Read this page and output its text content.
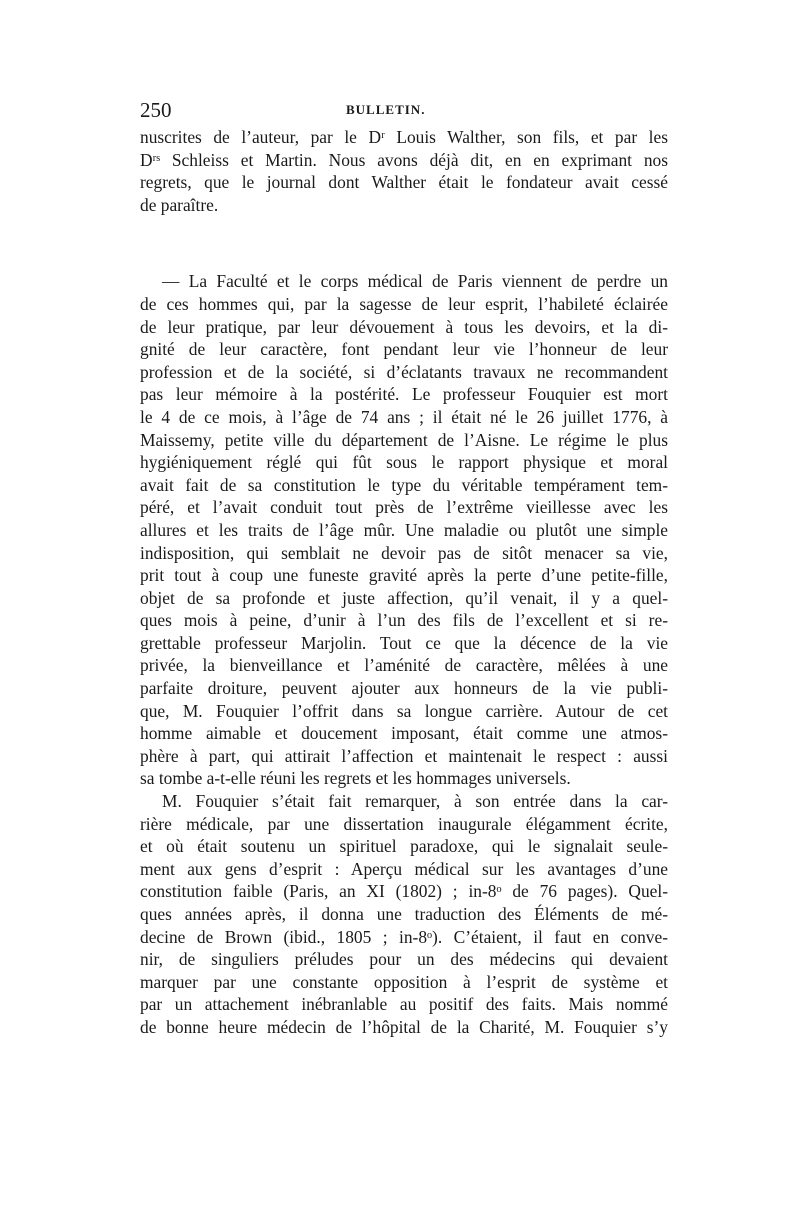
250	BULLETIN.
nuscrites de l’auteur, par le Dʳ Louis Walther, son fils, et par les
Dʳˢ Schleiss et Martin. Nous avons déjà dit, en en exprimant nos
regrets, que le journal dont Walther était le fondateur avait cessé
de paraître.
— La Faculté et le corps médical de Paris viennent de perdre un
de ces hommes qui, par la sagesse de leur esprit, l’habileté éclairée
de leur pratique, par leur dévouement à tous les devoirs, et la di-
gnité de leur caractère, font pendant leur vie l’honneur de leur
profession et de la société, si d’éclatants travaux ne recommandent
pas leur mémoire à la postérité. Le professeur Fouquier est mort
le 4 de ce mois, à l’âge de 74 ans ; il était né le 26 juillet 1776, à
Maissemy, petite ville du département de l’Aisne. Le régime le plus
hygiéniquement réglé qui fût sous le rapport physique et moral
avait fait de sa constitution le type du véritable tempérament tem-
péré, et l’avait conduit tout près de l’extrême vieillesse avec les
allures et les traits de l’âge mûr. Une maladie ou plutôt une simple
indisposition, qui semblait ne devoir pas de sitôt menacer sa vie,
prit tout à coup une funeste gravité après la perte d’une petite-fille,
objet de sa profonde et juste affection, qu’il venait, il y a quel-
ques mois à peine, d’unir à l’un des fils de l’excellent et si re-
grettable professeur Marjolin. Tout ce que la décence de la vie
privée, la bienveillance et l’aménité de caractère, mêlées à une
parfaite droiture, peuvent ajouter aux honneurs de la vie publi-
que, M. Fouquier l’offrit dans sa longue carrière. Autour de cet
homme aimable et doucement imposant, était comme une atmos-
phère à part, qui attirait l’affection et maintenait le respect : aussi
sa tombe a-t-elle réuni les regrets et les hommages universels.
M. Fouquier s’était fait remarquer, à son entrée dans la car-
rière médicale, par une dissertation inaugurale élégamment écrite,
et où était soutenu un spirituel paradoxe, qui le signalait seule-
ment aux gens d’esprit : Aperçu médical sur les avantages d’une
constitution faible (Paris, an XI (1802) ; in-8ᵒ de 76 pages). Quel-
ques années après, il donna une traduction des Éléments de mé-
decine de Brown (ibid., 1805 ; in-8ᵒ). C’étaient, il faut en conve-
nir, de singuliers préludes pour un des médecins qui devaient
marquer par une constante opposition à l’esprit de système et
par un attachement inébranlable au positif des faits. Mais nommé
de bonne heure médecin de l’hôpital de la Charité, M. Fouquier s’y
